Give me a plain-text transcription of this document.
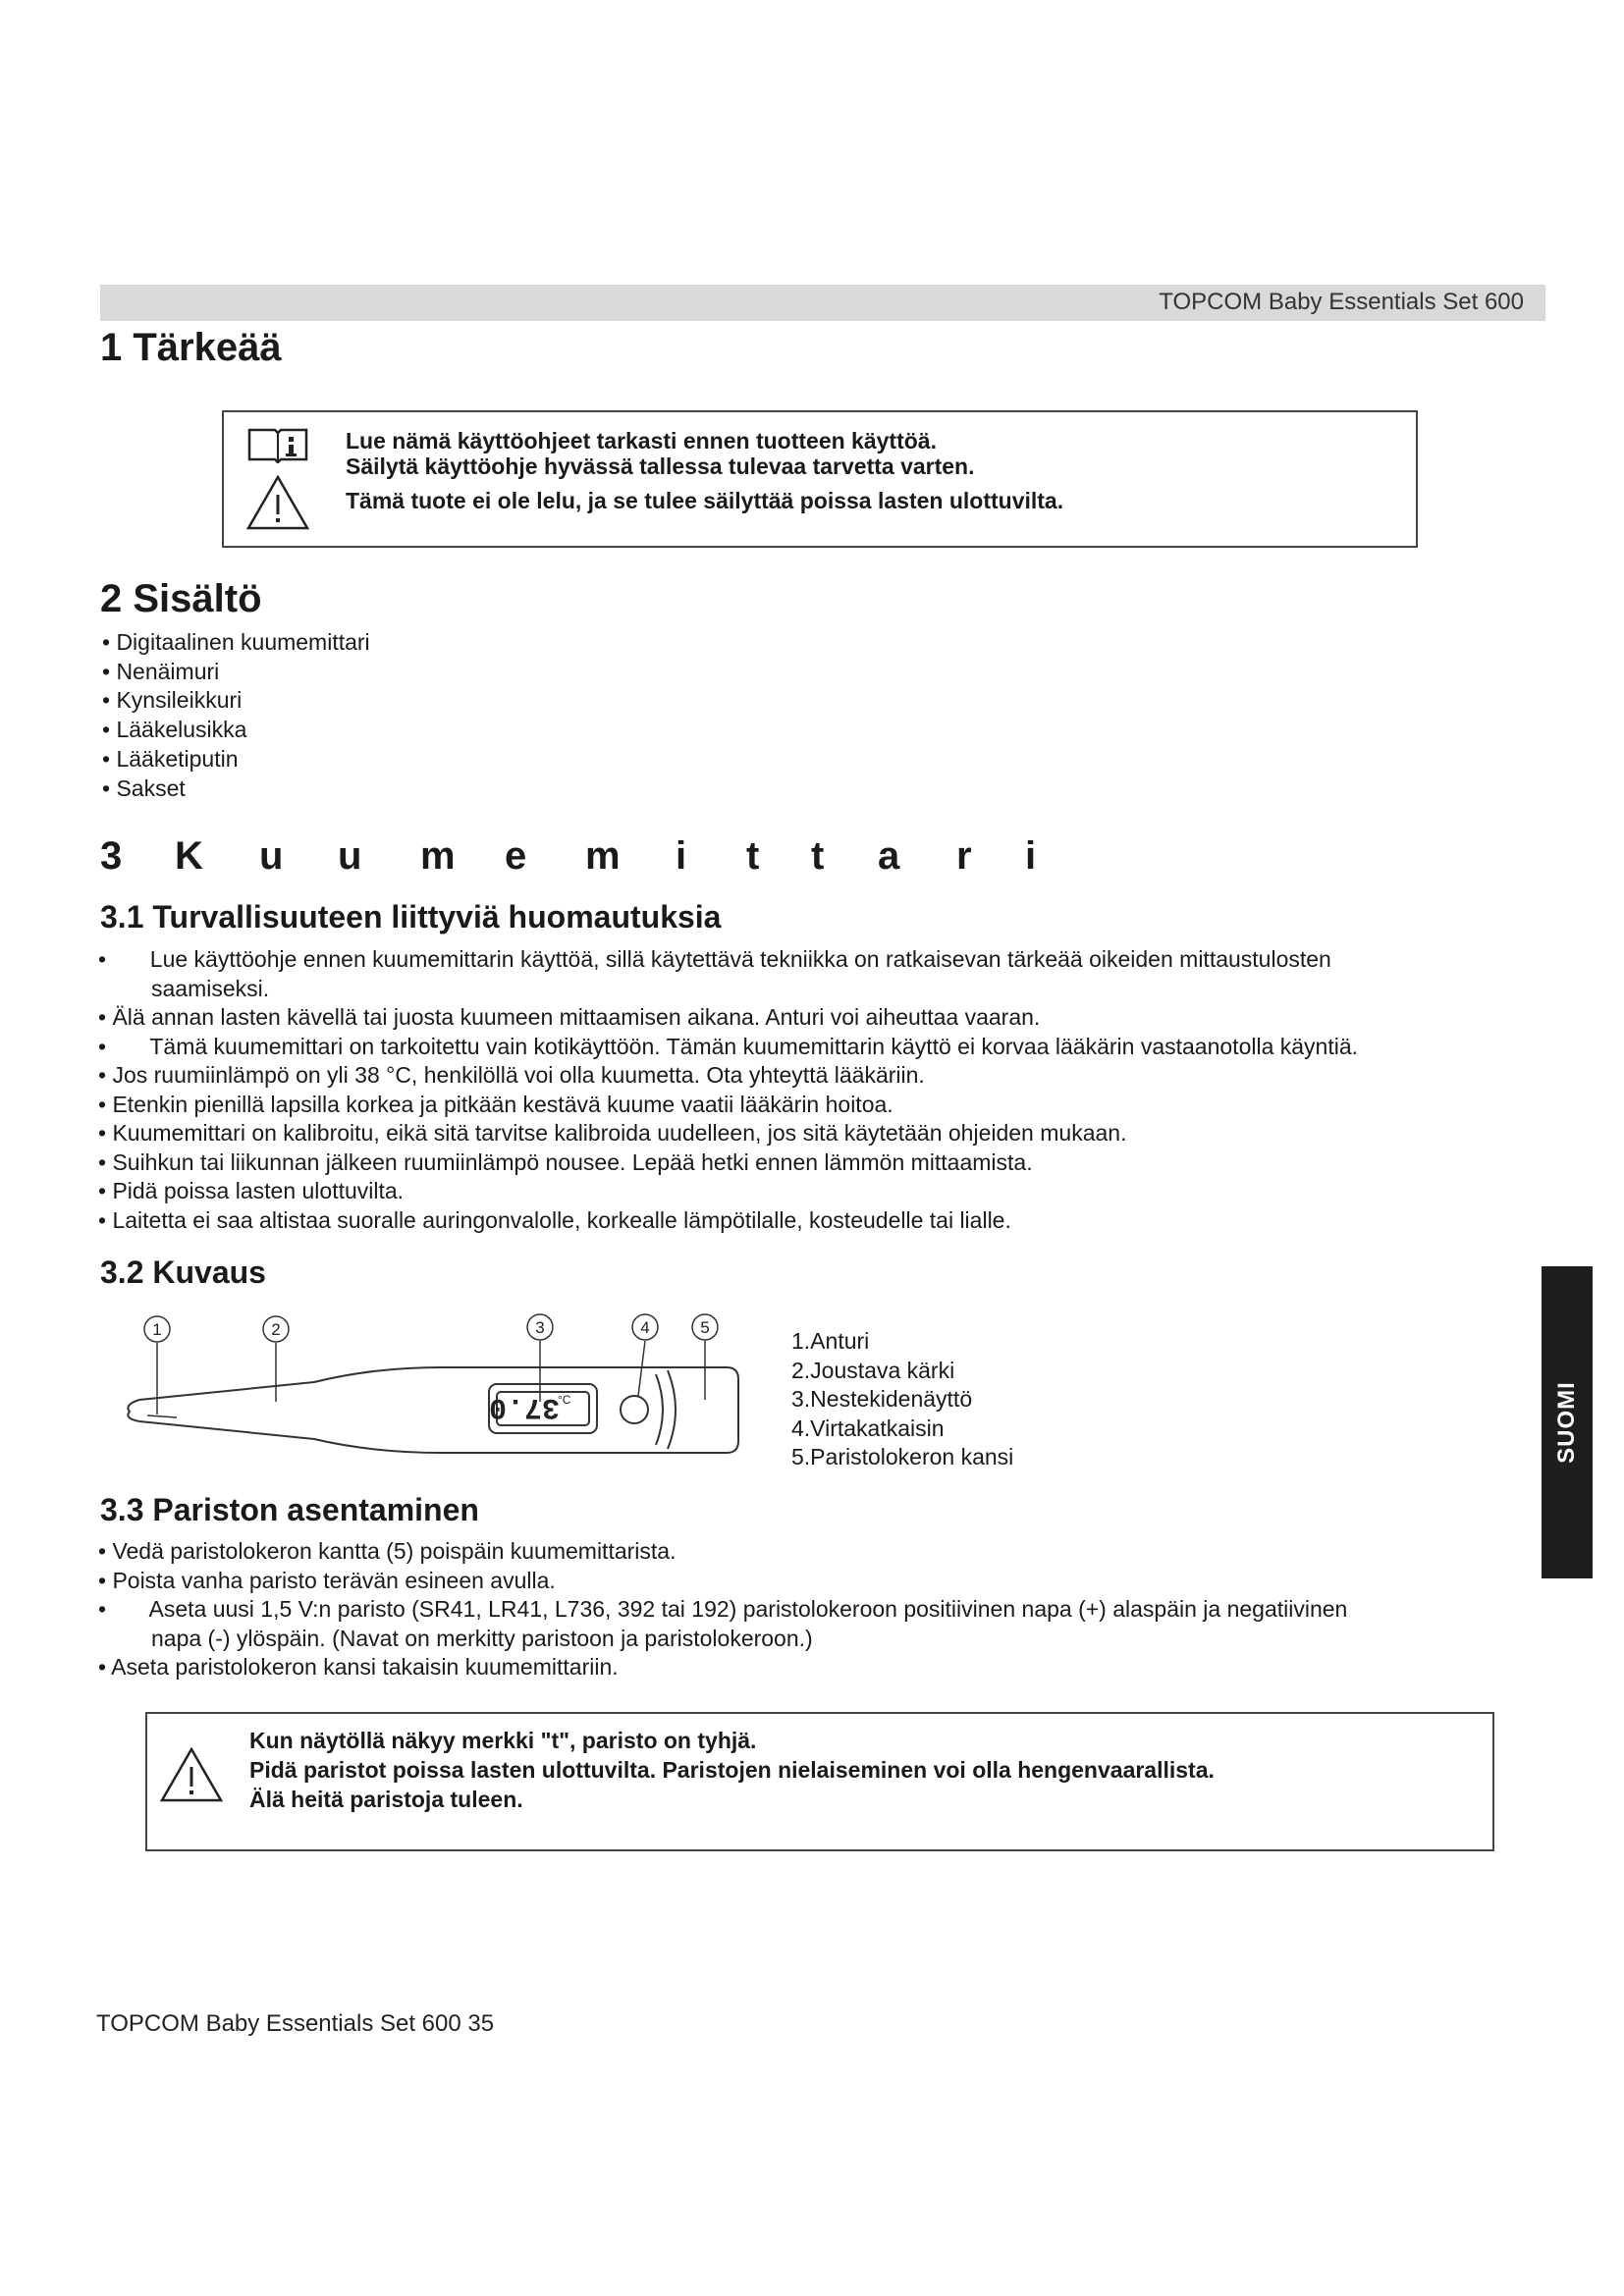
TOPCOM Baby Essentials Set 600
1 Tärkeää
Lue nämä käyttöohjeet tarkasti ennen tuotteen käyttöä.
Säilytä käyttöohje hyvässä tallessa tulevaa tarvetta varten.
Tämä tuote ei ole lelu, ja se tulee säilyttää poissa lasten ulottuvilta.
2 Sisältö
• Digitaalinen kuumemittari
• Nenäimuri
• Kynsileikkuri
• Lääkelusikka
• Lääketiputin
• Sakset
3 K u u m e m i t t a r i
3.1 Turvallisuuteen liittyviä huomautuksia
•       Lue käyttöohje ennen kuumemittarin käyttöä, sillä käytettävä tekniikka on ratkaisevan tärkeää oikeiden mittaustulosten
saamiseksi.
• Älä annan lasten kävellä tai juosta kuumeen mittaamisen aikana. Anturi voi aiheuttaa vaaran.
•       Tämä kuumemittari on tarkoitettu vain kotikäyttöön. Tämän kuumemittarin käyttö ei korvaa lääkärin vastaanotolla käyntiä.
• Jos ruumiinlämpö on yli 38 °C, henkilöllä voi olla kuumetta. Ota yhteyttä lääkäriin.
• Etenkin pienillä lapsilla korkea ja pitkään kestävä kuume vaatii lääkärin hoitoa.
• Kuumemittari on kalibroitu, eikä sitä tarvitse kalibroida uudelleen, jos sitä käytetään ohjeiden mukaan.
• Suihkun tai liikunnan jälkeen ruumiinlämpö nousee. Lepää hetki ennen lämmön mittaamista.
• Pidä poissa lasten ulottuvilta.
• Laitetta ei saa altistaa suoralle auringonvalolle, korkealle lämpötilalle, kosteudelle tai lialle.
3.2 Kuvaus
37.0
°C
1	2	3	4	5
1.Anturi
2.Joustava kärki
3.Nestekidenäyttö
4.Virtakatkaisin
5.Paristolokeron kansi
3.3 Pariston asentaminen
• Vedä paristolokeron kantta (5) poispäin kuumemittarista.
• Poista vanha paristo terävän esineen avulla.
•       Aseta uusi 1,5 V:n paristo (SR41, LR41, L736, 392 tai 192) paristolokeroon positiivinen napa (+) alaspäin ja negatiivinen
napa (-) ylöspäin. (Navat on merkitty paristoon ja paristolokeroon.)
• Aseta paristolokeron kansi takaisin kuumemittariin.
Kun näytöllä näkyy merkki "t", paristo on tyhjä.
Pidä paristot poissa lasten ulottuvilta. Paristojen nielaiseminen voi olla hengenvaarallista.
Älä heitä paristoja tuleen.
SUOMI
TOPCOM Baby Essentials Set 600 35
